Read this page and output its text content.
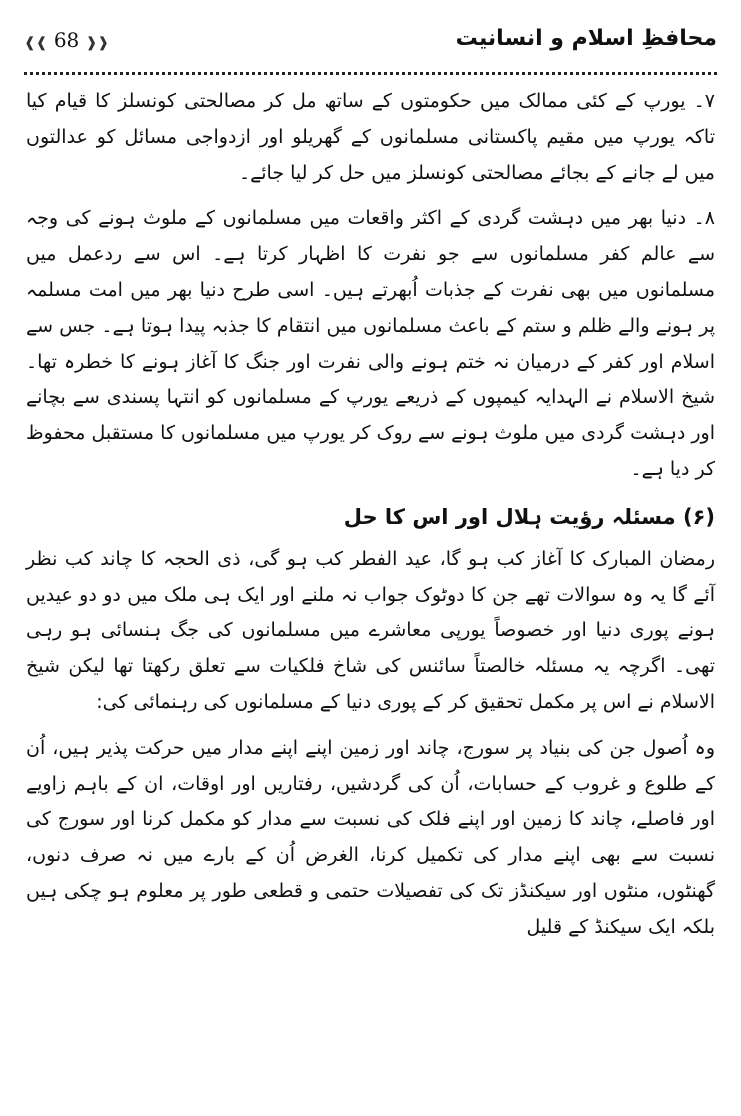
❰❰ 68 ❱❱	محافظِ اسلام و انسانیت

۷۔ یورپ کے کئی ممالک میں حکومتوں کے ساتھ مل کر مصالحتی کونسلز کا قیام کیا تاکہ یورپ میں مقیم پاکستانی مسلمانوں کے گھریلو اور ازدواجی مسائل کو عدالتوں میں لے جانے کے بجائے مصالحتی کونسلز میں حل کر لیا جائے۔

۸۔ دنیا بھر میں دہشت گردی کے اکثر واقعات میں مسلمانوں کے ملوث ہونے کی وجہ سے عالم کفر مسلمانوں سے جو نفرت کا اظہار کرتا ہے۔ اس سے ردعمل میں مسلمانوں میں بھی نفرت کے جذبات اُبھرتے ہیں۔ اسی طرح دنیا بھر میں امت مسلمہ پر ہونے والے ظلم و ستم کے باعث مسلمانوں میں انتقام کا جذبہ پیدا ہوتا ہے۔ جس سے اسلام اور کفر کے درمیان نہ ختم ہونے والی نفرت اور جنگ کا آغاز ہونے کا خطرہ تھا۔ شیخ الاسلام نے الہدایہ کیمپوں کے ذریعے یورپ کے مسلمانوں کو انتہا پسندی سے بچانے اور دہشت گردی میں ملوث ہونے سے روک کر یورپ میں مسلمانوں کا مستقبل محفوظ کر دیا ہے۔

(۶) مسئلہ رؤیت ہلال اور اس کا حل

رمضان المبارک کا آغاز کب ہو گا، عید الفطر کب ہو گی، ذی الحجہ کا چاند کب نظر آئے گا یہ وہ سوالات تھے جن کا دوٹوک جواب نہ ملنے اور ایک ہی ملک میں دو دو عیدیں ہونے پوری دنیا اور خصوصاً یورپی معاشرے میں مسلمانوں کی جگ ہنسائی ہو رہی تھی۔ اگرچہ یہ مسئلہ خالصتاً سائنس کی شاخ فلکیات سے تعلق رکھتا تھا لیکن شیخ الاسلام نے اس پر مکمل تحقیق کر کے پوری دنیا کے مسلمانوں کی رہنمائی کی:

وہ اُصول جن کی بنیاد پر سورج، چاند اور زمین اپنے اپنے مدار میں حرکت پذیر ہیں، اُن کے طلوع و غروب کے حسابات، اُن کی گردشیں، رفتاریں اور اوقات، ان کے باہم زاویے اور فاصلے، چاند کا زمین اور اپنے فلک کی نسبت سے مدار کو مکمل کرنا اور سورج کی نسبت سے بھی اپنے مدار کی تکمیل کرنا، الغرض اُن کے بارے میں نہ صرف دنوں، گھنٹوں، منٹوں اور سیکنڈز تک کی تفصیلات حتمی و قطعی طور پر معلوم ہو چکی ہیں بلکہ ایک سیکنڈ کے قلیل
